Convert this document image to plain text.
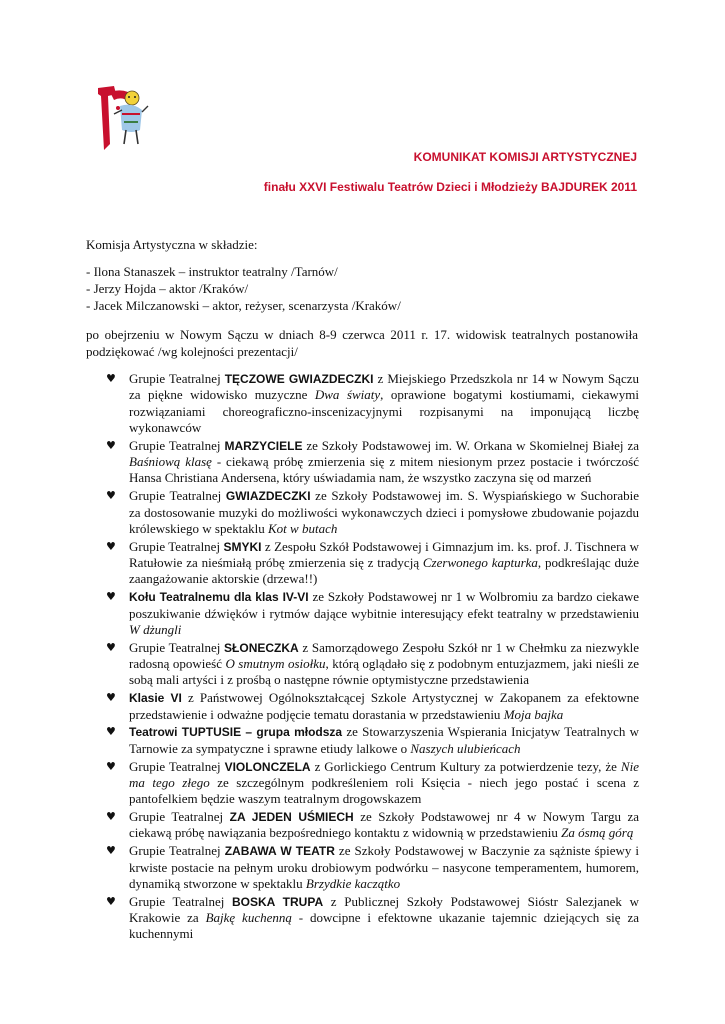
KOMUNIKAT KOMISJI ARTYSTYCZNEJ
finału XXVI Festiwalu Teatrów Dzieci i Młodzieży BAJDUREK 2011

Komisja Artystyczna w składzie:

- Ilona Stanaszek – instruktor teatralny /Tarnów/

- Jerzy Hojda – aktor /Kraków/

- Jacek Milczanowski – aktor, reżyser, scenarzysta /Kraków/

po obejrzeniu w Nowym Sączu w dniach 8-9 czerwca 2011 r. 17. widowisk teatralnych postanowiła podziękować /wg kolejności prezentacji/

♥ Grupie Teatralnej TĘCZOWE GWIAZDECZKI z Miejskiego Przedszkola nr 14 w Nowym Sączu za piękne widowisko muzyczne Dwa światy, oprawione bogatymi kostiumami, ciekawymi rozwiązaniami choreograficzno-inscenizacyjnymi rozpisanymi na imponującą liczbę wykonawców
♥ Grupie Teatralnej MARZYCIELE ze Szkoły Podstawowej im. W. Orkana w Skomielnej Białej za Baśniową klasę - ciekawą próbę zmierzenia się z mitem niesionym przez postacie i twórczość Hansa Christiana Andersena, który uświadamia nam, że wszystko zaczyna się od marzeń
♥ Grupie Teatralnej GWIAZDECZKI ze Szkoły Podstawowej im. S. Wyspiańskiego w Suchorabie za dostosowanie muzyki do możliwości wykonawczych dzieci i pomysłowe zbudowanie pojazdu królewskiego w spektaklu Kot w butach
♥ Grupie Teatralnej SMYKI z Zespołu Szkół Podstawowej i Gimnazjum im. ks. prof. J. Tischnera w Ratułowie za nieśmiałą próbę zmierzenia się z tradycją Czerwonego kapturka, podkreślając duże zaangażowanie aktorskie (drzewa!!)
♥ Kołu Teatralnemu dla klas IV-VI ze Szkoły Podstawowej nr 1 w Wolbromiu za bardzo ciekawe poszukiwanie dźwięków i rytmów dające wybitnie interesujący efekt teatralny w przedstawieniu W dżungli
♥ Grupie Teatralnej SŁONECZKA z Samorządowego Zespołu Szkół nr 1 w Chełmku za niezwykle radosną opowieść O smutnym osiołku, którą oglądało się z podobnym entuzjazmem, jaki nieśli ze sobą mali artyści i z prośbą o następne równie optymistyczne przedstawienia
♥ Klasie VI z Państwowej Ogólnokształcącej Szkole Artystycznej w Zakopanem za efektowne przedstawienie i odważne podjęcie tematu dorastania w przedstawieniu Moja bajka
♥ Teatrowi TUPTUSIE – grupa młodsza ze Stowarzyszenia Wspierania Inicjatyw Teatralnych w Tarnowie za sympatyczne i sprawne etiudy lalkowe o Naszych ulubieńcach
♥ Grupie Teatralnej VIOLONCZELA z Gorlickiego Centrum Kultury za potwierdzenie tezy, że Nie ma tego złego ze szczególnym podkreśleniem roli Księcia - niech jego postać i scena z pantofelkiem będzie waszym teatralnym drogowskazem
♥ Grupie Teatralnej ZA JEDEN UŚMIECH ze Szkoły Podstawowej nr 4 w Nowym Targu za ciekawą próbę nawiązania bezpośredniego kontaktu z widownią w przedstawieniu Za ósmą górą
♥ Grupie Teatralnej ZABAWA W TEATR ze Szkoły Podstawowej w Baczynie za sążniste śpiewy i krwiste postacie na pełnym uroku drobiowym podwórku – nasycone temperamentem, humorem, dynamiką stworzone w spektaklu Brzydkie kaczątko
♥ Grupie Teatralnej BOSKA TRUPA z Publicznej Szkoły Podstawowej Sióstr Salezjanek w Krakowie za Bajkę kuchenną - dowcipne i efektowne ukazanie tajemnic dziejących się za kuchennymi
